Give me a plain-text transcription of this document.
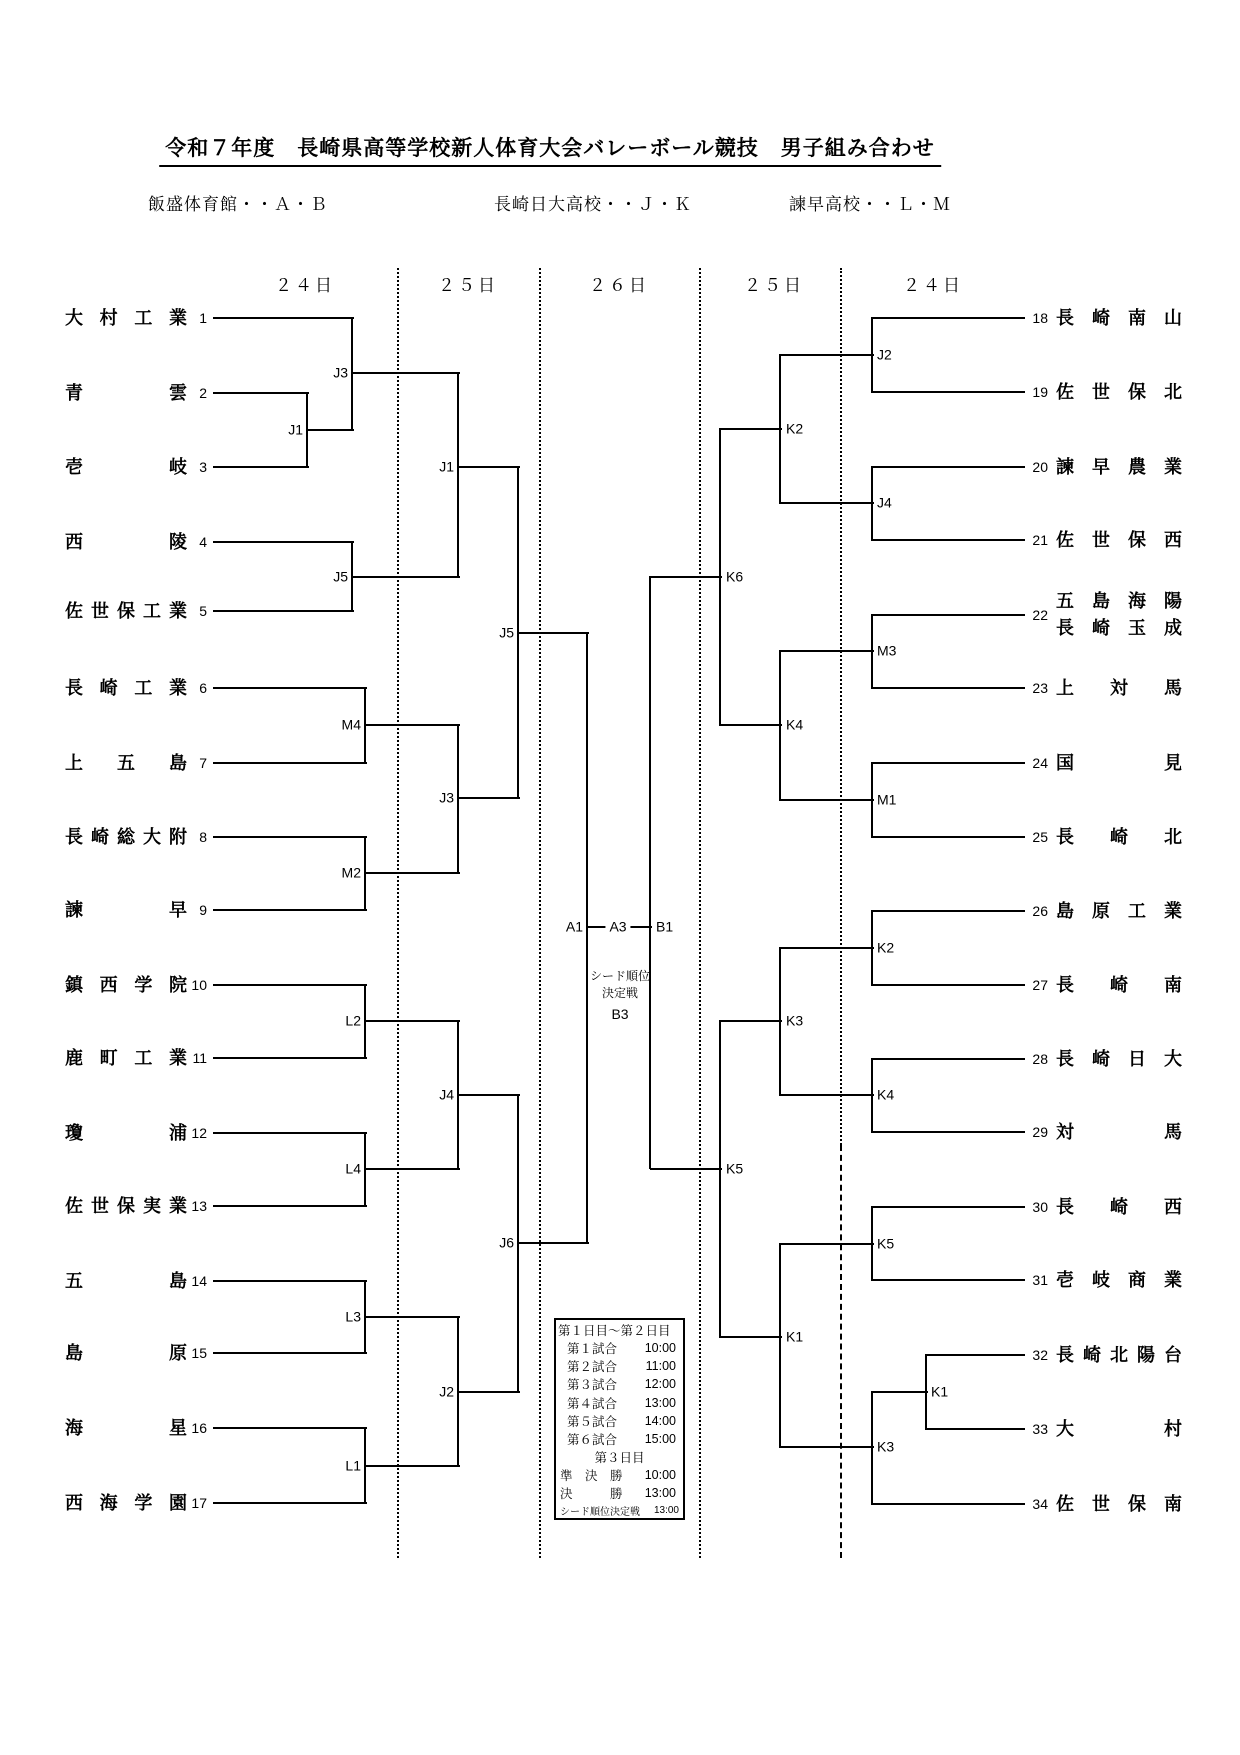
令和７年度　長崎県高等学校新人体育大会バレーボール競技　男子組み合わせ
飯盛体育館・・Ａ・Ｂ	長崎日大高校・・Ｊ・Ｋ	諫早高校・・Ｌ・Ｍ
２４日	２５日	２６日	２５日	２４日
1
大 村 工 業
2
青	雲
3
壱	岐
4
西	陵
5
佐 世 保 工 業
6
長 崎 工 業
7
上 五 島
8
長 崎 総 大 附
9
諫	早
10
鎮 西 学 院
11
鹿 町 工 業
12
瓊	浦
13
佐 世 保 実 業
14
五	島
15
島	原
16
海	星
17
西 海 学 園
18 長 崎 南 山
19 佐 世 保 北
20 諫 早 農 業
21 佐 世 保 西
22
五 島 海 陽
長 崎 玉 成
23 上 対 馬
24 国	見
25 長 崎 北
26 島 原 工 業
27 長 崎 南
28 長 崎 日 大
29 対	馬
30 長 崎 西
31 壱 岐 商 業
32 長 崎 北 陽 台
33 大	村
34 佐 世 保 南
J1
J3
J5
M4
M2
L2
L4
L3
L1
J1
J3
J4
J2
J5
J6
A1 A3 B1
J2
J4
M3
M1
K2
K4
K5
K1
K3
K2
K4
K3
K1
K6
K5
シード順位
決定戦
B3
第１日目～第２日目
第１試合 10:00
第２試合 11:00
第３試合 12:00
第４試合 13:00
第５試合 14:00
第６試合 15:00
第３日目
準　決　勝 10:00
決　　　勝 13:00
シード順位決定戦 13:00
